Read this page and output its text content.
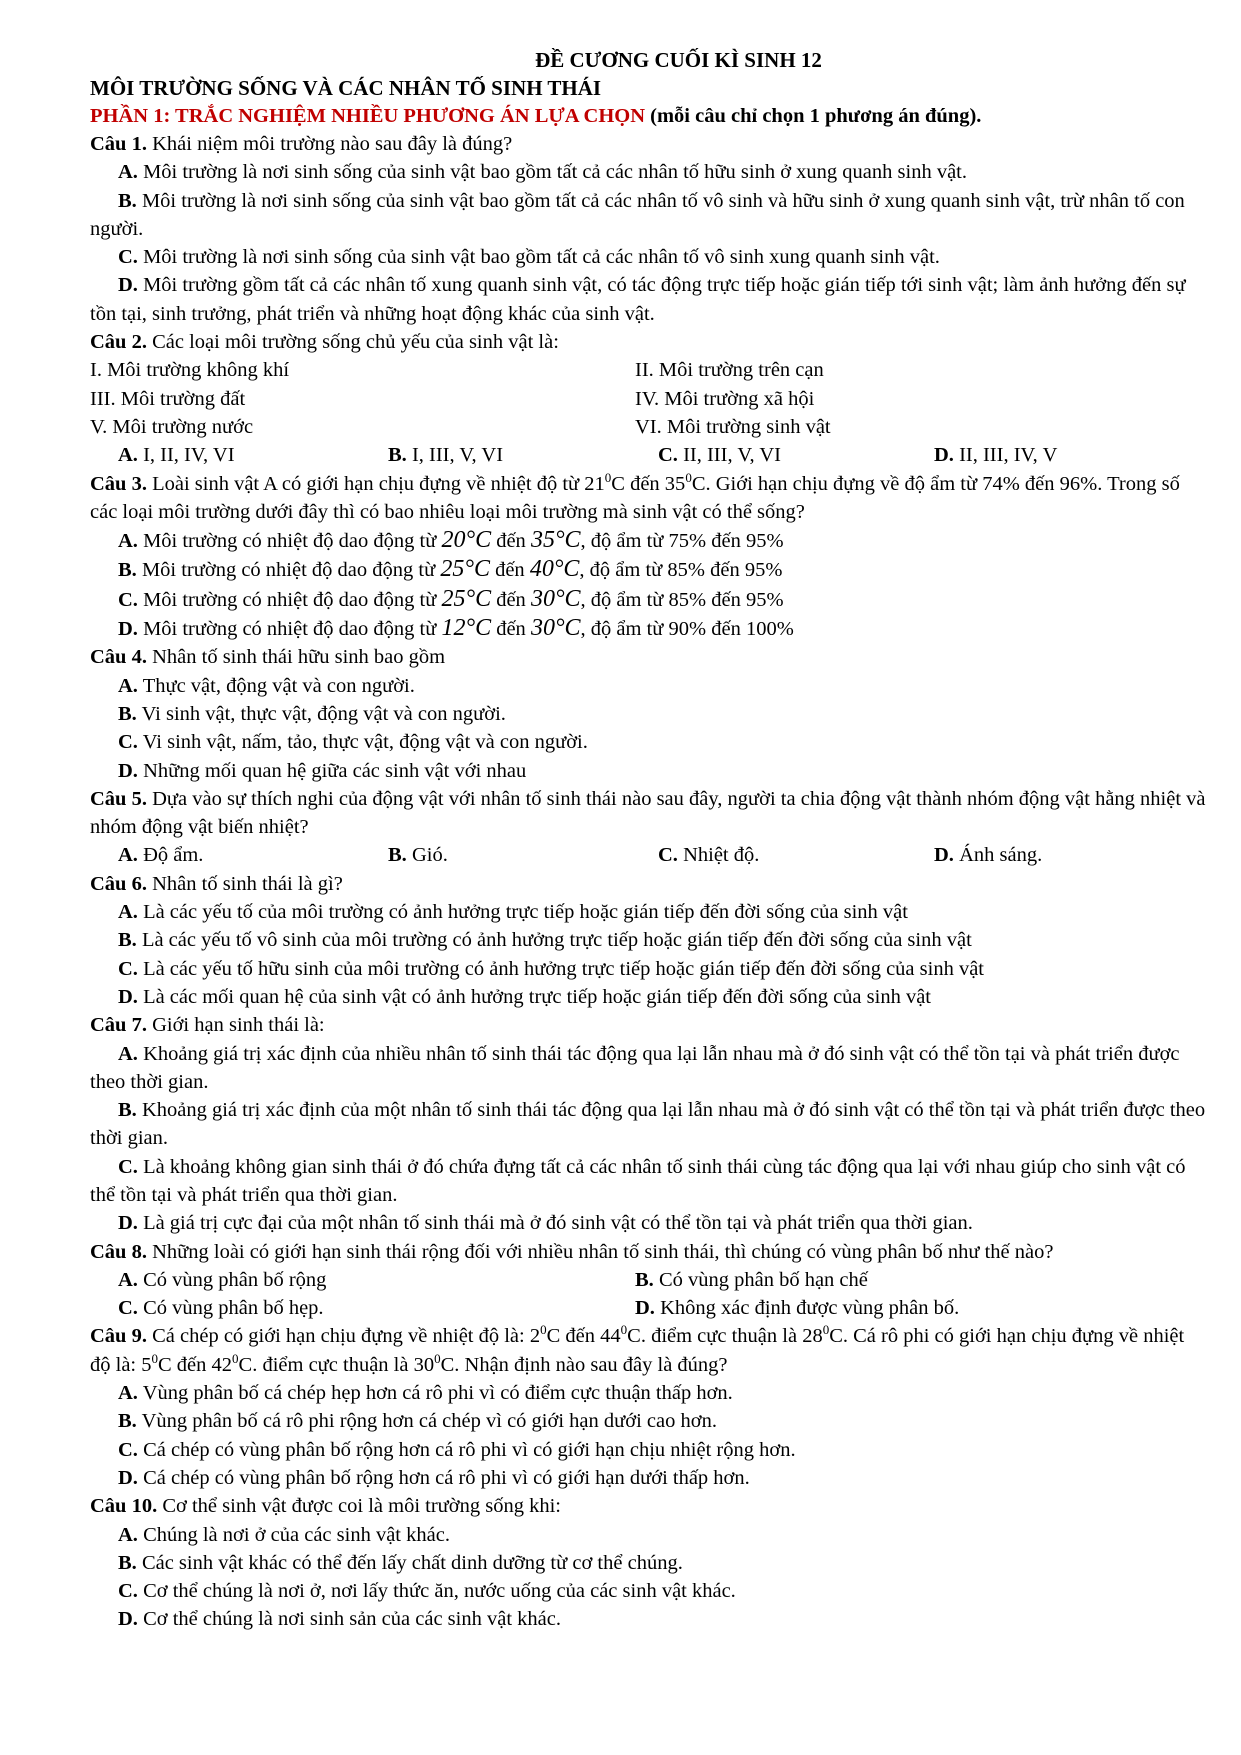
ĐỀ CƯƠNG CUỐI KÌ SINH 12
MÔI TRƯỜNG SỐNG VÀ CÁC NHÂN TỐ SINH THÁI
PHẦN 1: TRẮC NGHIỆM NHIỀU PHƯƠNG ÁN LỰA CHỌN (mỗi câu chỉ chọn 1 phương án đúng).
Câu 1. Khái niệm môi trường nào sau đây là đúng?
A. Môi trường là nơi sinh sống của sinh vật bao gồm tất cả các nhân tố hữu sinh ở xung quanh sinh vật.
B. Môi trường là nơi sinh sống của sinh vật bao gồm tất cả các nhân tố vô sinh và hữu sinh ở xung quanh sinh vật, trừ nhân tố con người.
C. Môi trường là nơi sinh sống của sinh vật bao gồm tất cả các nhân tố vô sinh xung quanh sinh vật.
D. Môi trường gồm tất cả các nhân tố xung quanh sinh vật, có tác động trực tiếp hoặc gián tiếp tới sinh vật; làm ảnh hưởng đến sự tồn tại, sinh trưởng, phát triển và những hoạt động khác của sinh vật.
Câu 2. Các loại môi trường sống chủ yếu của sinh vật là:
I. Môi trường không khí	II. Môi trường trên cạn
III. Môi trường đất	IV. Môi trường xã hội
V. Môi trường nước	VI. Môi trường sinh vật
A. I, II, IV, VI	B. I, III, V, VI	C. II, III, V, VI	D. II, III, IV, V
Câu 3. Loài sinh vật A có giới hạn chịu đựng về nhiệt độ từ $21^0C$ đến $35^0C$. Giới hạn chịu đựng về độ ẩm từ 74% đến 96%. Trong số các loại môi trường dưới đây thì có bao nhiêu loại môi trường mà sinh vật có thể sống?
A. Môi trường có nhiệt độ dao động từ 20°C đến 35°C, độ ẩm từ 75% đến 95%
B. Môi trường có nhiệt độ dao động từ 25°C đến 40°C, độ ẩm từ 85% đến 95%
C. Môi trường có nhiệt độ dao động từ 25°C đến 30°C, độ ẩm từ 85% đến 95%
D. Môi trường có nhiệt độ dao động từ 12°C đến 30°C, độ ẩm từ 90% đến 100%
Câu 4. Nhân tố sinh thái hữu sinh bao gồm
A. Thực vật, động vật và con người.
B. Vi sinh vật, thực vật, động vật và con người.
C. Vi sinh vật, nấm, tảo, thực vật, động vật và con người.
D. Những mối quan hệ giữa các sinh vật với nhau
Câu 5. Dựa vào sự thích nghi của động vật với nhân tố sinh thái nào sau đây, người ta chia động vật thành nhóm động vật hằng nhiệt và nhóm động vật biến nhiệt?
A. Độ ẩm.	B. Gió.	C. Nhiệt độ.	D. Ánh sáng.
Câu 6. Nhân tố sinh thái là gì?
A. Là các yếu tố của môi trường có ảnh hưởng trực tiếp hoặc gián tiếp đến đời sống của sinh vật
B. Là các yếu tố vô sinh của môi trường có ảnh hưởng trực tiếp hoặc gián tiếp đến đời sống của sinh vật
C. Là các yếu tố hữu sinh của môi trường có ảnh hưởng trực tiếp hoặc gián tiếp đến đời sống của sinh vật
D. Là các mối quan hệ của sinh vật có ảnh hưởng trực tiếp hoặc gián tiếp đến đời sống của sinh vật
Câu 7. Giới hạn sinh thái là:
A. Khoảng giá trị xác định của nhiều nhân tố sinh thái tác động qua lại lẫn nhau mà ở đó sinh vật có thể tồn tại và phát triển được theo thời gian.
B. Khoảng giá trị xác định của một nhân tố sinh thái tác động qua lại lẫn nhau mà ở đó sinh vật có thể tồn tại và phát triển được theo thời gian.
C. Là khoảng không gian sinh thái ở đó chứa đựng tất cả các nhân tố sinh thái cùng tác động qua lại với nhau giúp cho sinh vật có thể tồn tại và phát triển qua thời gian.
D. Là giá trị cực đại của một nhân tố sinh thái mà ở đó sinh vật có thể tồn tại và phát triển qua thời gian.
Câu 8. Những loài có giới hạn sinh thái rộng đối với nhiều nhân tố sinh thái, thì chúng có vùng phân bố như thế nào?
A. Có vùng phân bố rộng	B. Có vùng phân bố hạn chế
C. Có vùng phân bố hẹp.	D. Không xác định được vùng phân bố.
Câu 9. Cá chép có giới hạn chịu đựng về nhiệt độ là: $2^0C$ đến $44^0C$. điểm cực thuận là $28^0C$. Cá rô phi có giới hạn chịu đựng về nhiệt độ là: $5^0C$ đến $42^0C$. điểm cực thuận là $30^0C$. Nhận định nào sau đây là đúng?
A. Vùng phân bố cá chép hẹp hơn cá rô phi vì có điểm cực thuận thấp hơn.
B. Vùng phân bố cá rô phi rộng hơn cá chép vì có giới hạn dưới cao hơn.
C. Cá chép có vùng phân bố rộng hơn cá rô phi vì có giới hạn chịu nhiệt rộng hơn.
D. Cá chép có vùng phân bố rộng hơn cá rô phi vì có giới hạn dưới thấp hơn.
Câu 10. Cơ thể sinh vật được coi là môi trường sống khi:
A. Chúng là nơi ở của các sinh vật khác.
B. Các sinh vật khác có thể đến lấy chất dinh dưỡng từ cơ thể chúng.
C. Cơ thể chúng là nơi ở, nơi lấy thức ăn, nước uống của các sinh vật khác.
D. Cơ thể chúng là nơi sinh sản của các sinh vật khác.
